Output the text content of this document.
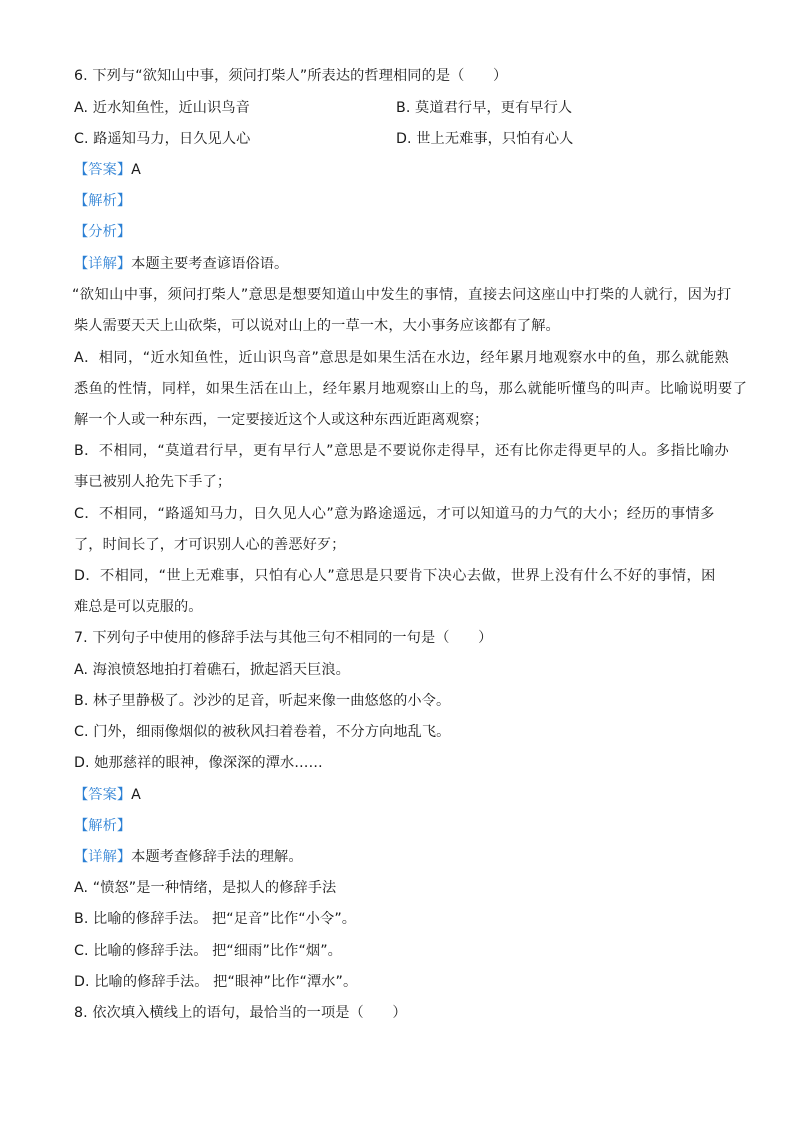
6. 下列与“欲知山中事，须问打柴人”所表达的哲理相同的是（　　）
A. 近水知鱼性，近山识鸟音	B. 莫道君行早，更有早行人
C. 路遥知马力，日久见人心	D. 世上无难事，只怕有心人
【答案】A
【解析】
【分析】
【详解】本题主要考查谚语俗语。
“欲知山中事，须问打柴人”意思是想要知道山中发生的事情，直接去问这座山中打柴的人就行，因为打
柴人需要天天上山砍柴，可以说对山上的一草一木，大小事务应该都有了解。
A．相同，“近水知鱼性，近山识鸟音”意思是如果生活在水边，经年累月地观察水中的鱼，那么就能熟
悉鱼的性情，同样，如果生活在山上，经年累月地观察山上的鸟，那么就能听懂鸟的叫声。比喻说明要了
解一个人或一种东西，一定要接近这个人或这种东西近距离观察；
B．不相同，“莫道君行早，更有早行人”意思是不要说你走得早，还有比你走得更早的人。多指比喻办
事已被别人抢先下手了；
C．不相同，“路遥知马力，日久见人心”意为路途遥远，才可以知道马的力气的大小；经历的事情多
了，时间长了，才可识别人心的善恶好歹；
D．不相同，“世上无难事，只怕有心人”意思是只要肯下决心去做，世界上没有什么不好的事情，困
难总是可以克服的。
7. 下列句子中使用的修辞手法与其他三句不相同的一句是（　　）
A. 海浪愤怒地拍打着礁石，掀起滔天巨浪。
B. 林子里静极了。沙沙的足音，听起来像一曲悠悠的小令。
C. 门外，细雨像烟似的被秋风扫着卷着，不分方向地乱飞。
D. 她那慈祥的眼神，像深深的潭水……
【答案】A
【解析】
【详解】本题考查修辞手法的理解。
A. “愤怒”是一种情绪，是拟人的修辞手法
B. 比喻的修辞手法。 把“足音”比作“小令”。
C. 比喻的修辞手法。 把“细雨”比作“烟”。
D. 比喻的修辞手法。 把“眼神”比作“潭水”。
8. 依次填入横线上的语句，最恰当的一项是（　　）
